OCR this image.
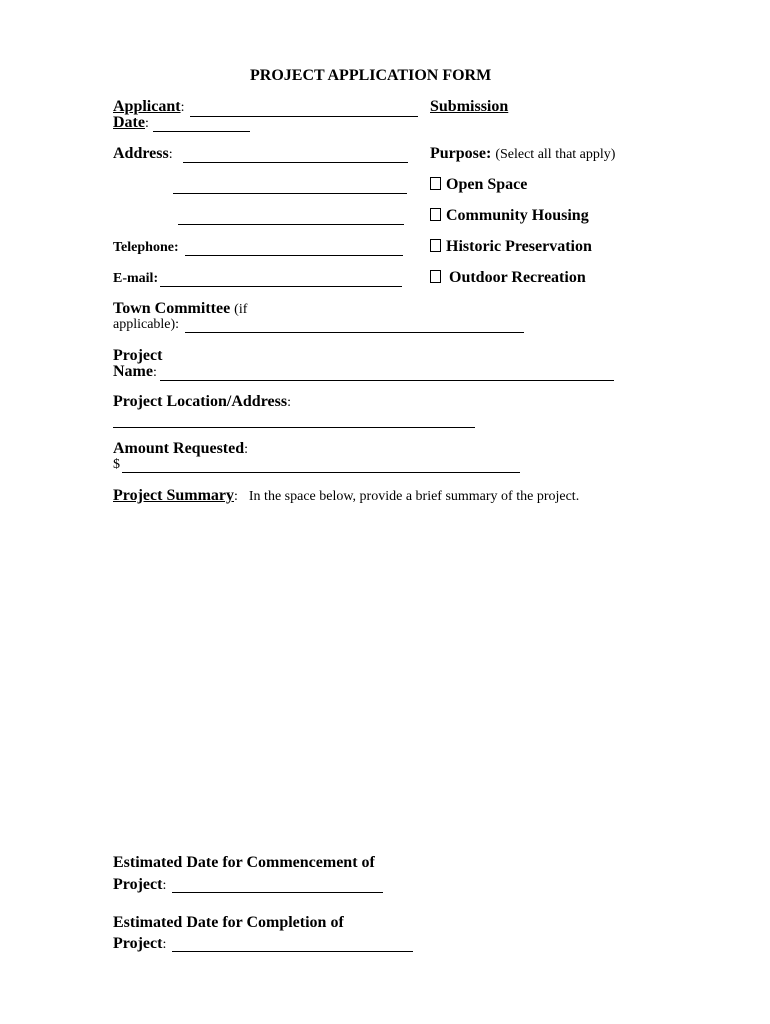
PROJECT APPLICATION FORM
Applicant:
Date:
Submission
Address:	Purpose: (Select all that apply)
Open Space
Community Housing
Historic Preservation
Outdoor Recreation
Telephone:
E-mail:
Town Committee (if
applicable):
Project
Name:
Project Location/Address:
Amount Requested:
$
Project Summary:   In the space below, provide a brief summary of the project.
Estimated Date for Commencement of
Project:
Estimated Date for Completion of
Project:
